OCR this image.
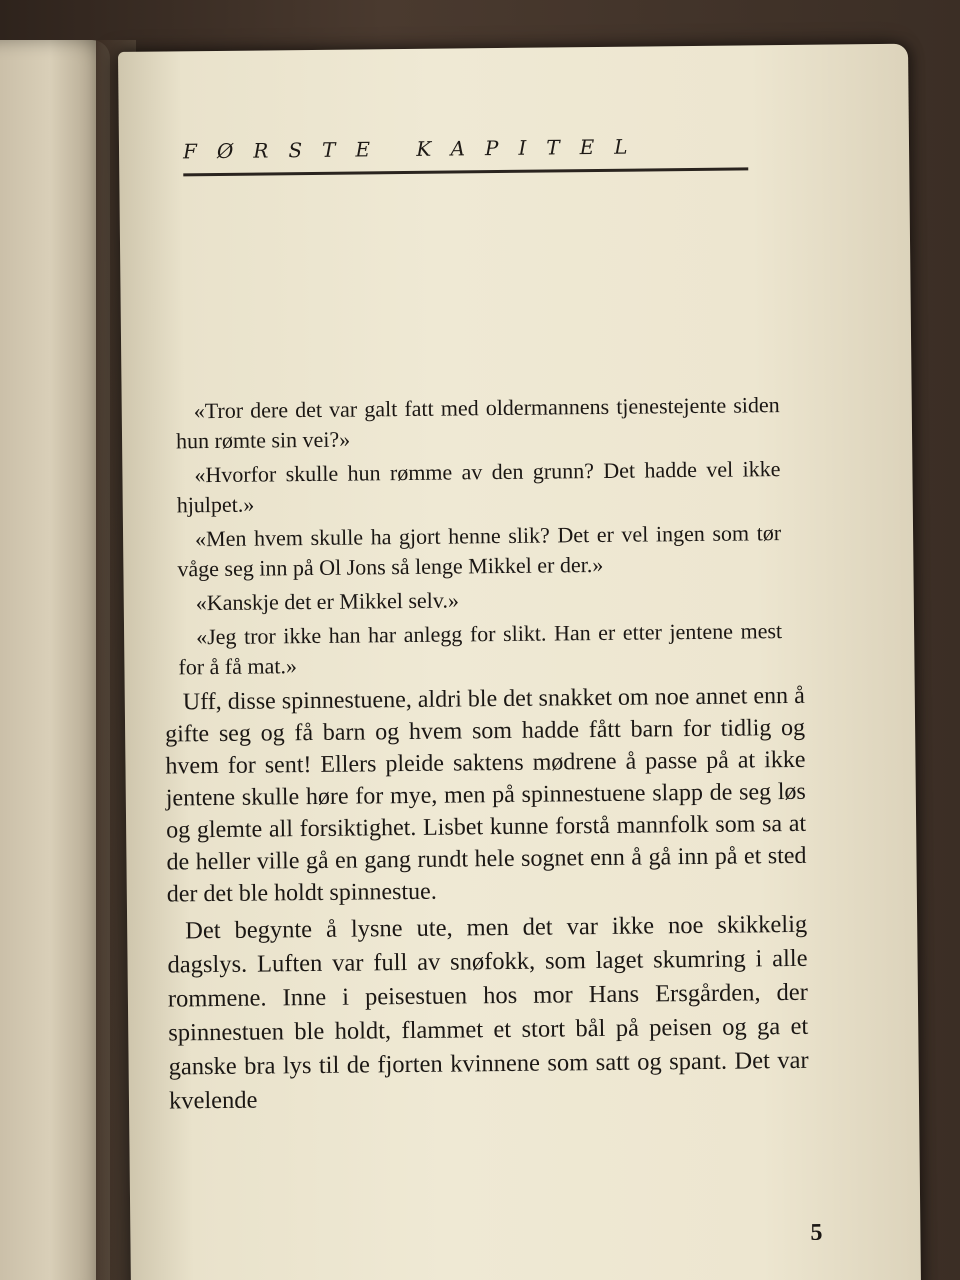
FØRSTE KAPITEL

«Tror dere det var galt fatt med oldermannens tjenestejente siden hun rømte sin vei?»

«Hvorfor skulle hun rømme av den grunn? Det hadde vel ikke hjulpet.»

«Men hvem skulle ha gjort henne slik? Det er vel ingen som tør våge seg inn på Ol Jons så lenge Mikkel er der.»

«Kanskje det er Mikkel selv.»

«Jeg tror ikke han har anlegg for slikt. Han er etter jentene mest for å få mat.»

Uff, disse spinnestuene, aldri ble det snakket om noe annet enn å gifte seg og få barn og hvem som hadde fått barn for tidlig og hvem for sent! Ellers pleide saktens mødrene å passe på at ikke jentene skulle høre for mye, men på spinnestuene slapp de seg løs og glemte all forsiktighet. Lisbet kunne forstå mannfolk som sa at de heller ville gå en gang rundt hele sognet enn å gå inn på et sted der det ble holdt spinnestue.

Det begynte å lysne ute, men det var ikke noe skikkelig dagslys. Luften var full av snøfokk, som laget skumring i alle rommene. Inne i peisestuen hos mor Hans Ersgården, der spinnestuen ble holdt, flammet et stort bål på peisen og ga et ganske bra lys til de fjorten kvinnene som satt og spant. Det var kvelende

5
